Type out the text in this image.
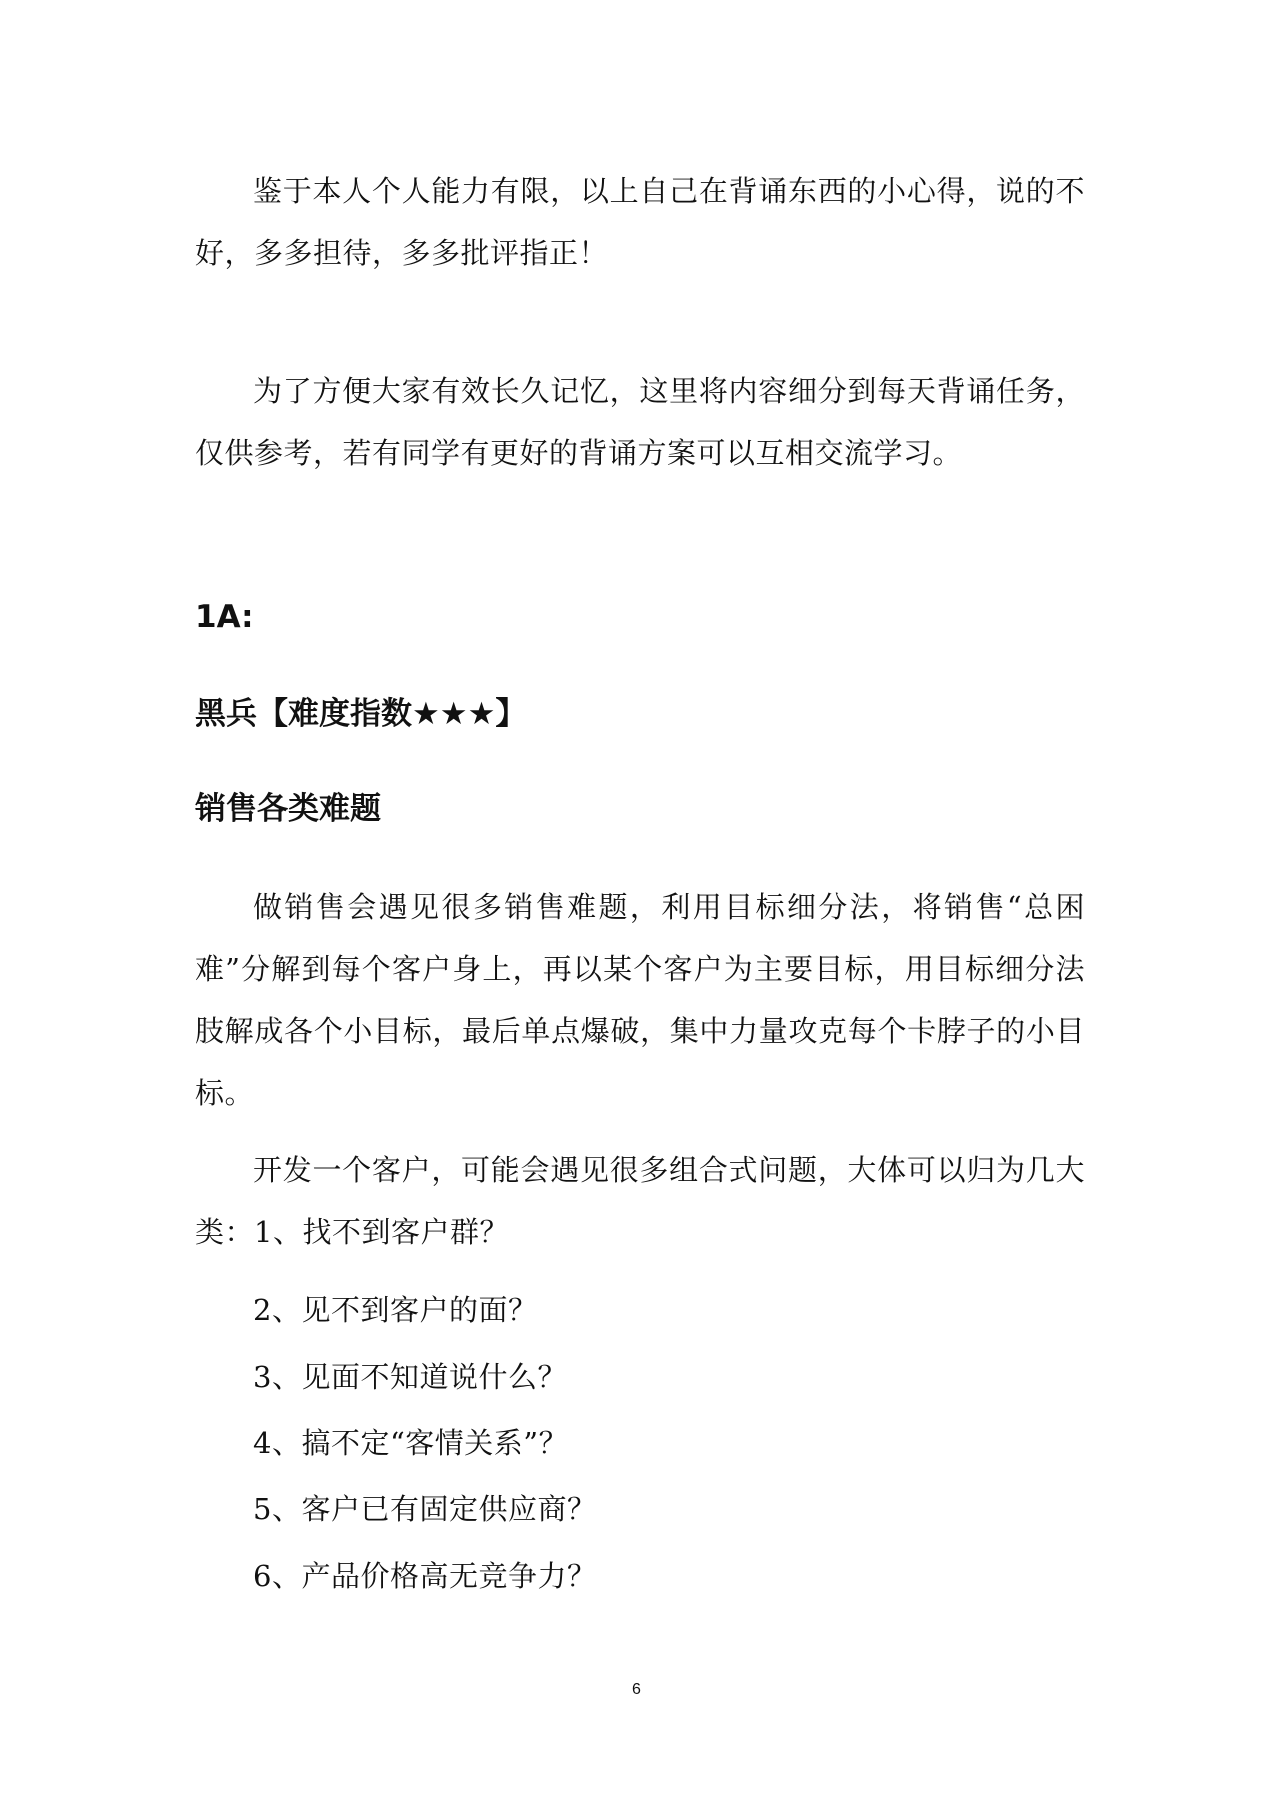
鉴于本人个人能力有限，以上自己在背诵东西的小心得，说的不好，多多担待，多多批评指正！

为了方便大家有效长久记忆，这里将内容细分到每天背诵任务，仅供参考，若有同学有更好的背诵方案可以互相交流学习。

1A:
黑兵【难度指数★★★】
销售各类难题

做销售会遇见很多销售难题，利用目标细分法，将销售“总困难”分解到每个客户身上，再以某个客户为主要目标，用目标细分法肢解成各个小目标，最后单点爆破，集中力量攻克每个卡脖子的小目标。

开发一个客户，可能会遇见很多组合式问题，大体可以归为几大类：1、找不到客户群？

2、见不到客户的面？

3、见面不知道说什么？

4、搞不定“客情关系”？

5、客户已有固定供应商？

6、产品价格高无竞争力？

6
